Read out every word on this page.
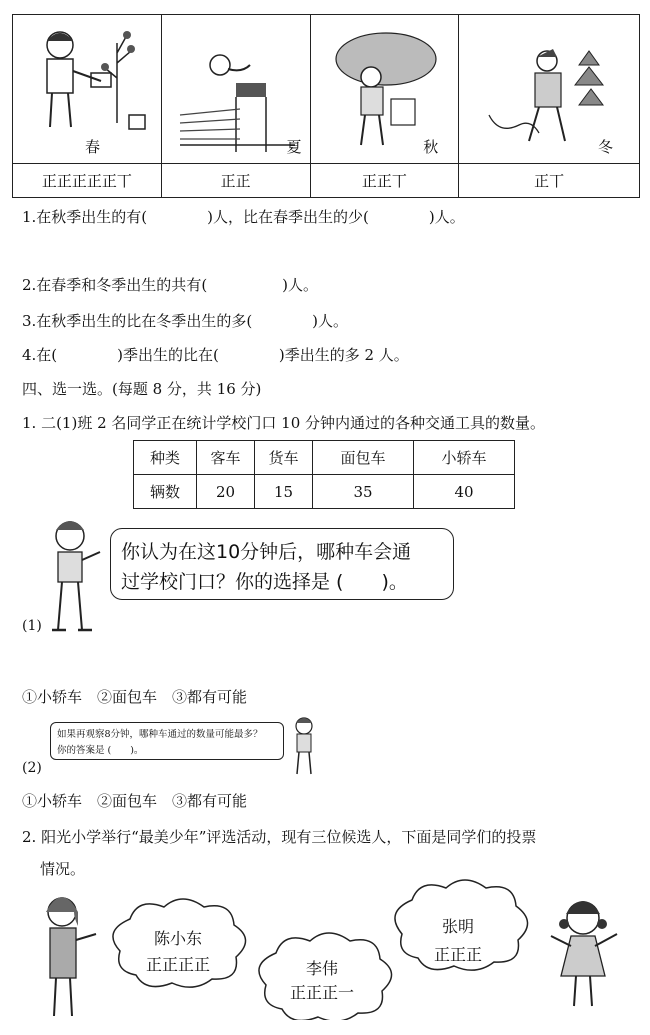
春	夏	秋	冬

正正正正正丅	正正	正正丅	正丅
1.在秋季出生的有(　　　　)人，比在春季出生的少(　　　　)人。
2.在春季和冬季出生的共有(　　　　　)人。
3.在秋季出生的比在冬季出生的多(　　　　)人。
4.在(　　　　)季出生的比在(　　　　)季出生的多 2 人。
四、选一选。(每题 8 分，共 16 分)
1. 二(1)班 2 名同学正在统计学校门口 10 分钟内通过的各种交通工具的数量。
种类	客车	货车	面包车	小轿车
辆数	20	15	35	40
你认为在这10分钟后，哪种车会通
过学校门口？你的选择是 (　　)。
(1)
①小轿车　②面包车　③都有可能
如果再观察8分钟，哪种车通过的数量可能最多？
你的答案是 (　　)。
(2)
①小轿车　②面包车　③都有可能
2. 阳光小学举行“最美少年”评选活动，现有三位候选人，下面是同学们的投票
情况。
陈小东
正正正正	李伟
正正正一
张明
正正正
